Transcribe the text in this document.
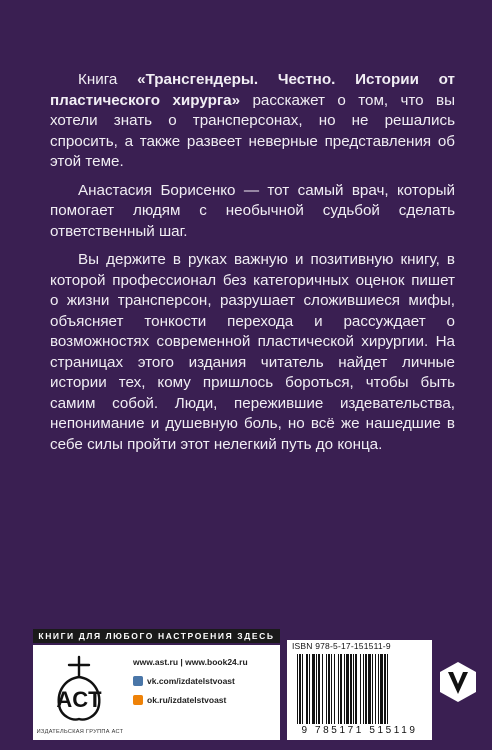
Книга «Трансгендеры. Честно. Истории от пластического хирурга» расскажет о том, что вы хотели знать о трансперсонах, но не решались спросить, а также развеет неверные представления об этой теме.

Анастасия Борисенко — тот самый врач, который помогает людям с необычной судьбой сделать ответственный шаг.

Вы держите в руках важную и позитивную книгу, в которой профессионал без категоричных оценок пишет о жизни трансперсон, разрушает сложившиеся мифы, объясняет тонкости перехода и рассуждает о возможностях современной пластической хирургии. На страницах этого издания читатель найдет личные истории тех, кому пришлось бороться, чтобы быть самим собой. Люди, пережившие издевательства, непонимание и душевную боль, но всё же нашедшие в себе силы пройти этот нелегкий путь до конца.

КНИГИ ДЛЯ ЛЮБОГО НАСТРОЕНИЯ ЗДЕСЬ
ACT
ИЗДАТЕЛЬСКАЯ ГРУППА АСТ
www.ast.ru | www.book24.ru
vk.com/izdatelstvoast
ok.ru/izdatelstvoast
ISBN 978-5-17-151511-9
9 785171 515119
